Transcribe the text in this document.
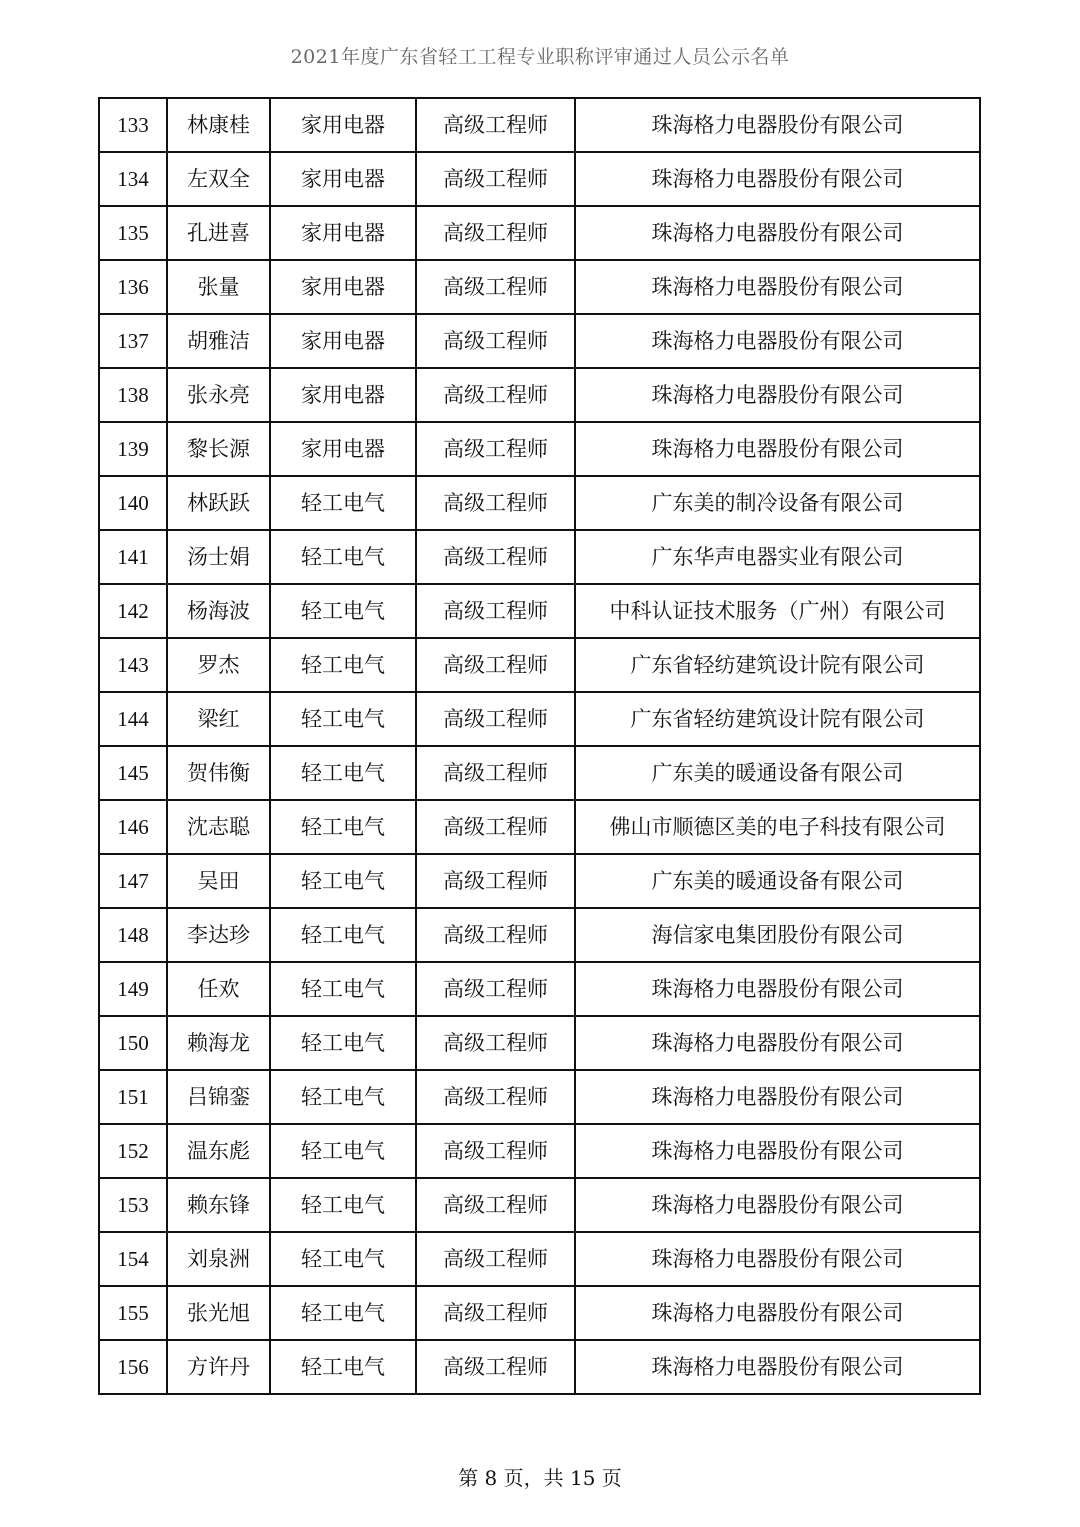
2021年度广东省轻工工程专业职称评审通过人员公示名单
133	林康桂	家用电器	高级工程师	珠海格力电器股份有限公司
134	左双全	家用电器	高级工程师	珠海格力电器股份有限公司
135	孔进喜	家用电器	高级工程师	珠海格力电器股份有限公司
136	张量	家用电器	高级工程师	珠海格力电器股份有限公司
137	胡雅洁	家用电器	高级工程师	珠海格力电器股份有限公司
138	张永亮	家用电器	高级工程师	珠海格力电器股份有限公司
139	黎长源	家用电器	高级工程师	珠海格力电器股份有限公司
140	林跃跃	轻工电气	高级工程师	广东美的制冷设备有限公司
141	汤士娟	轻工电气	高级工程师	广东华声电器实业有限公司
142	杨海波	轻工电气	高级工程师	中科认证技术服务（广州）有限公司
143	罗杰	轻工电气	高级工程师	广东省轻纺建筑设计院有限公司
144	梁红	轻工电气	高级工程师	广东省轻纺建筑设计院有限公司
145	贺伟衡	轻工电气	高级工程师	广东美的暖通设备有限公司
146	沈志聪	轻工电气	高级工程师	佛山市顺德区美的电子科技有限公司
147	吴田	轻工电气	高级工程师	广东美的暖通设备有限公司
148	李达珍	轻工电气	高级工程师	海信家电集团股份有限公司
149	任欢	轻工电气	高级工程师	珠海格力电器股份有限公司
150	赖海龙	轻工电气	高级工程师	珠海格力电器股份有限公司
151	吕锦銮	轻工电气	高级工程师	珠海格力电器股份有限公司
152	温东彪	轻工电气	高级工程师	珠海格力电器股份有限公司
153	赖东锋	轻工电气	高级工程师	珠海格力电器股份有限公司
154	刘泉洲	轻工电气	高级工程师	珠海格力电器股份有限公司
155	张光旭	轻工电气	高级工程师	珠海格力电器股份有限公司
156	方许丹	轻工电气	高级工程师	珠海格力电器股份有限公司
第 8 页，共 15 页
